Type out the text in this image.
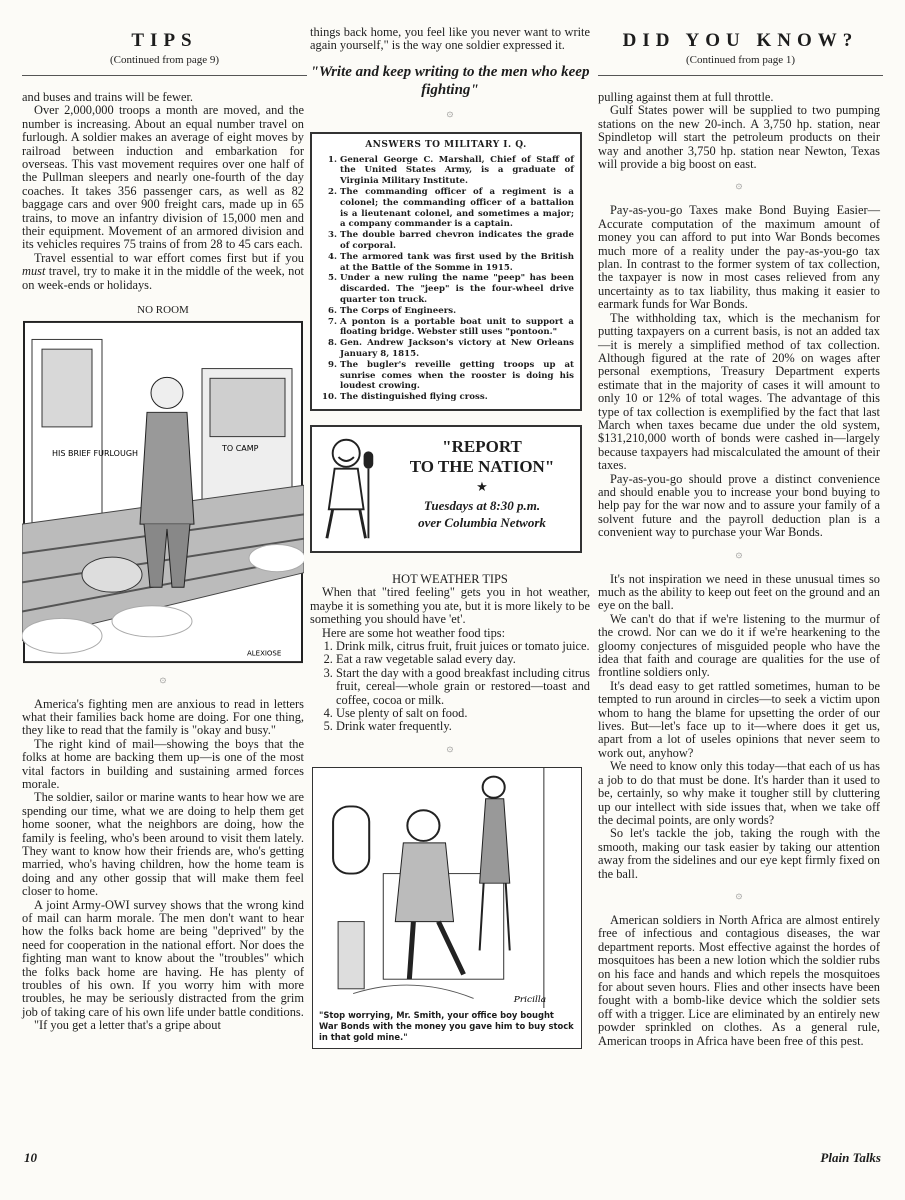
TIPS
(Continued from page 9)
DID YOU KNOW?
(Continued from page 1)

and buses and trains will be fewer.

Over 2,000,000 troops a month are moved, and the number is increasing. About an equal number travel on furlough. A soldier makes an average of eight moves by railroad between induction and embarkation for overseas. This vast movement requires over one half of the Pullman sleepers and nearly one-fourth of the day coaches. It takes 356 passenger cars, as well as 82 baggage cars and over 900 freight cars, made up in 65 trains, to move an infantry division of 15,000 men and their equipment. Movement of an armored division and its vehicles requires 75 trains of from 28 to 45 cars each.

Travel essential to war effort comes first but if you must travel, try to make it in the middle of the week, not on week-ends or holidays.

NO ROOM
HIS BRIEF FURLOUGH
TO CAMP
ALEXIOSE
۞

America's fighting men are anxious to read in letters what their families back home are doing. For one thing, they like to read that the family is "okay and busy."

The right kind of mail—showing the boys that the folks at home are backing them up—is one of the most vital factors in building and sustaining armed forces morale.

The soldier, sailor or marine wants to hear how we are spending our time, what we are doing to help them get home sooner, what the neighbors are doing, how the family is feeling, who's been around to visit them lately. They want to know how their friends are, who's getting married, who's having children, how the home team is doing and any other gossip that will make them feel closer to home.

A joint Army-OWI survey shows that the wrong kind of mail can harm morale. The men don't want to hear how the folks back home are being "deprived" by the need for cooperation in the national effort. Nor does the fighting man want to know about the "troubles" which the folks back home are having. He has plenty of troubles of his own. If you worry him with more troubles, he may be seriously distracted from the grim job of taking care of his own life under battle conditions.

"If you get a letter that's a gripe about

things back home, you feel like you never want to write again yourself," is the way one soldier expressed it.

"Write and keep writing to the men who keep fighting"
۞
ANSWERS TO MILITARY I. Q.
1. General George C. Marshall, Chief of Staff of the United States Army, is a graduate of Virginia Military Institute.
2. The commanding officer of a regiment is a colonel; the commanding officer of a battalion is a lieutenant colonel, and sometimes a major; a company commander is a captain.
3. The double barred chevron indicates the grade of corporal.
4. The armored tank was first used by the British at the Battle of the Somme in 1915.
5. Under a new ruling the name "peep" has been discarded. The "jeep" is the four-wheel drive quarter ton truck.
6. The Corps of Engineers.
7. A ponton is a portable boat unit to support a floating bridge. Webster still uses "pontoon."
8. Gen. Andrew Jackson's victory at New Orleans January 8, 1815.
9. The bugler's reveille getting troops up at sunrise comes when the rooster is doing his loudest crowing.
10. The distinguished flying cross.
"REPORT
TO THE NATION"
★
Tuesdays at 8:30 p.m.
over Columbia Network
HOT WEATHER TIPS

When that "tired feeling" gets you in hot weather, maybe it is something you ate, but it is more likely to be something you should have 'et'.

Here are some hot weather food tips:

1. Drink milk, citrus fruit, fruit juices or tomato juice.
2. Eat a raw vegetable salad every day.
3. Start the day with a good breakfast including citrus fruit, cereal—whole grain or restored—toast and coffee, cocoa or milk.
4. Use plenty of salt on food.
5. Drink water frequently.
۞
Pricilla
"Stop worrying, Mr. Smith, your office boy bought War Bonds with the money you gave him to buy stock in that gold mine."

pulling against them at full throttle.

Gulf States power will be supplied to two pumping stations on the new 20-inch. A 3,750 hp. station, near Spindletop will start the petroleum products on their way and another 3,750 hp. station near Newton, Texas will provide a big boost on east.

۞

Pay-as-you-go Taxes make Bond Buying Easier—Accurate computation of the maximum amount of money you can afford to put into War Bonds becomes much more of a reality under the pay-as-you-go tax plan. In contrast to the former system of tax collection, the taxpayer is now in most cases relieved from any uncertainty as to tax liability, thus making it easier to earmark funds for War Bonds.

The withholding tax, which is the mechanism for putting taxpayers on a current basis, is not an added tax—it is merely a simplified method of tax collection. Although figured at the rate of 20% on wages after personal exemptions, Treasury Department experts estimate that in the majority of cases it will amount to only 10 or 12% of total wages. The advantage of this type of tax collection is exemplified by the fact that last March when taxes became due under the old system, $131,210,000 worth of bonds were cashed in—largely because taxpayers had miscalculated the amount of their taxes.

Pay-as-you-go should prove a distinct convenience and should enable you to increase your bond buying to help pay for the war now and to assure your family of a solvent future and the payroll deduction plan is a convenient way to purchase your War Bonds.

۞

It's not inspiration we need in these unusual times so much as the ability to keep out feet on the ground and an eye on the ball.

We can't do that if we're listening to the murmur of the crowd. Nor can we do it if we're hearkening to the gloomy conjectures of misguided people who have the idea that faith and courage are qualities for the use of frontline soldiers only.

It's dead easy to get rattled sometimes, human to be tempted to run around in circles—to seek a victim upon whom to hang the blame for upsetting the order of our lives. But—let's face up to it—where does it get us, apart from a lot of useles opinions that never seem to work out, anyhow?

We need to know only this today—that each of us has a job to do that must be done. It's harder than it used to be, certainly, so why make it tougher still by cluttering up our intellect with side issues that, when we take off the decimal points, are only words?

So let's tackle the job, taking the rough with the smooth, making our task easier by taking our attention away from the sidelines and our eye kept firmly fixed on the ball.

۞

American soldiers in North Africa are almost entirely free of infectious and contagious diseases, the war department reports. Most effective against the hordes of mosquitoes has been a new lotion which the soldier rubs on his face and hands and which repels the mosquitoes for about seven hours. Flies and other insects have been fought with a bomb-like device which the soldier sets off with a trigger. Lice are eliminated by an entirely new powder sprinkled on clothes. As a general rule, American troops in Africa have been free of this pest.

10	Plain Talks
